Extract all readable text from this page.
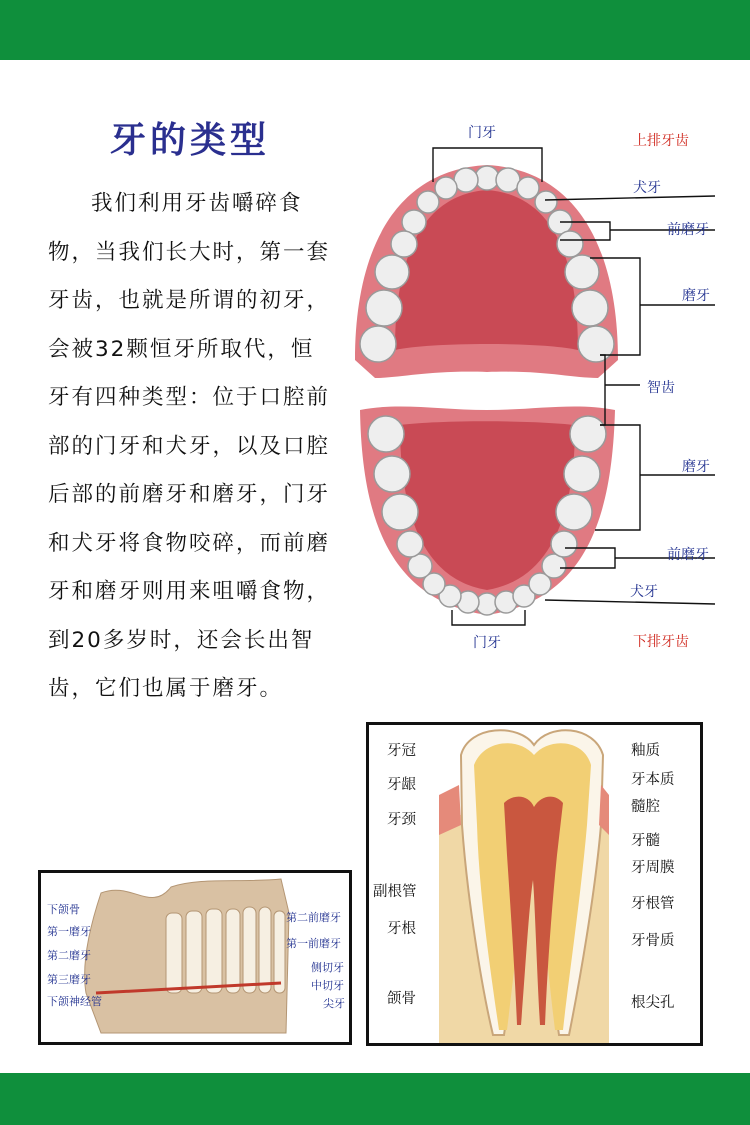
牙的类型

我们利用牙齿嚼碎食物，当我们长大时，第一套牙齿，也就是所谓的初牙，会被32颗恒牙所取代，恒牙有四种类型：位于口腔前部的门牙和犬牙，以及口腔后部的前磨牙和磨牙，门牙和犬牙将食物咬碎，而前磨牙和磨牙则用来咀嚼食物，到20多岁时，还会长出智齿，它们也属于磨牙。

门牙	上排牙齿
犬牙
前磨牙
磨牙
智齿
磨牙
前磨牙
犬牙
门牙	下排牙齿
下颌骨
第一磨牙
第二磨牙
第三磨牙
下颌神经管
第二前磨牙
第一前磨牙
侧切牙
中切牙
尖牙
牙冠
牙龈
牙颈
副根管
牙根
颌骨
釉质
牙本质
髓腔
牙髓
牙周膜
牙根管
牙骨质
根尖孔
